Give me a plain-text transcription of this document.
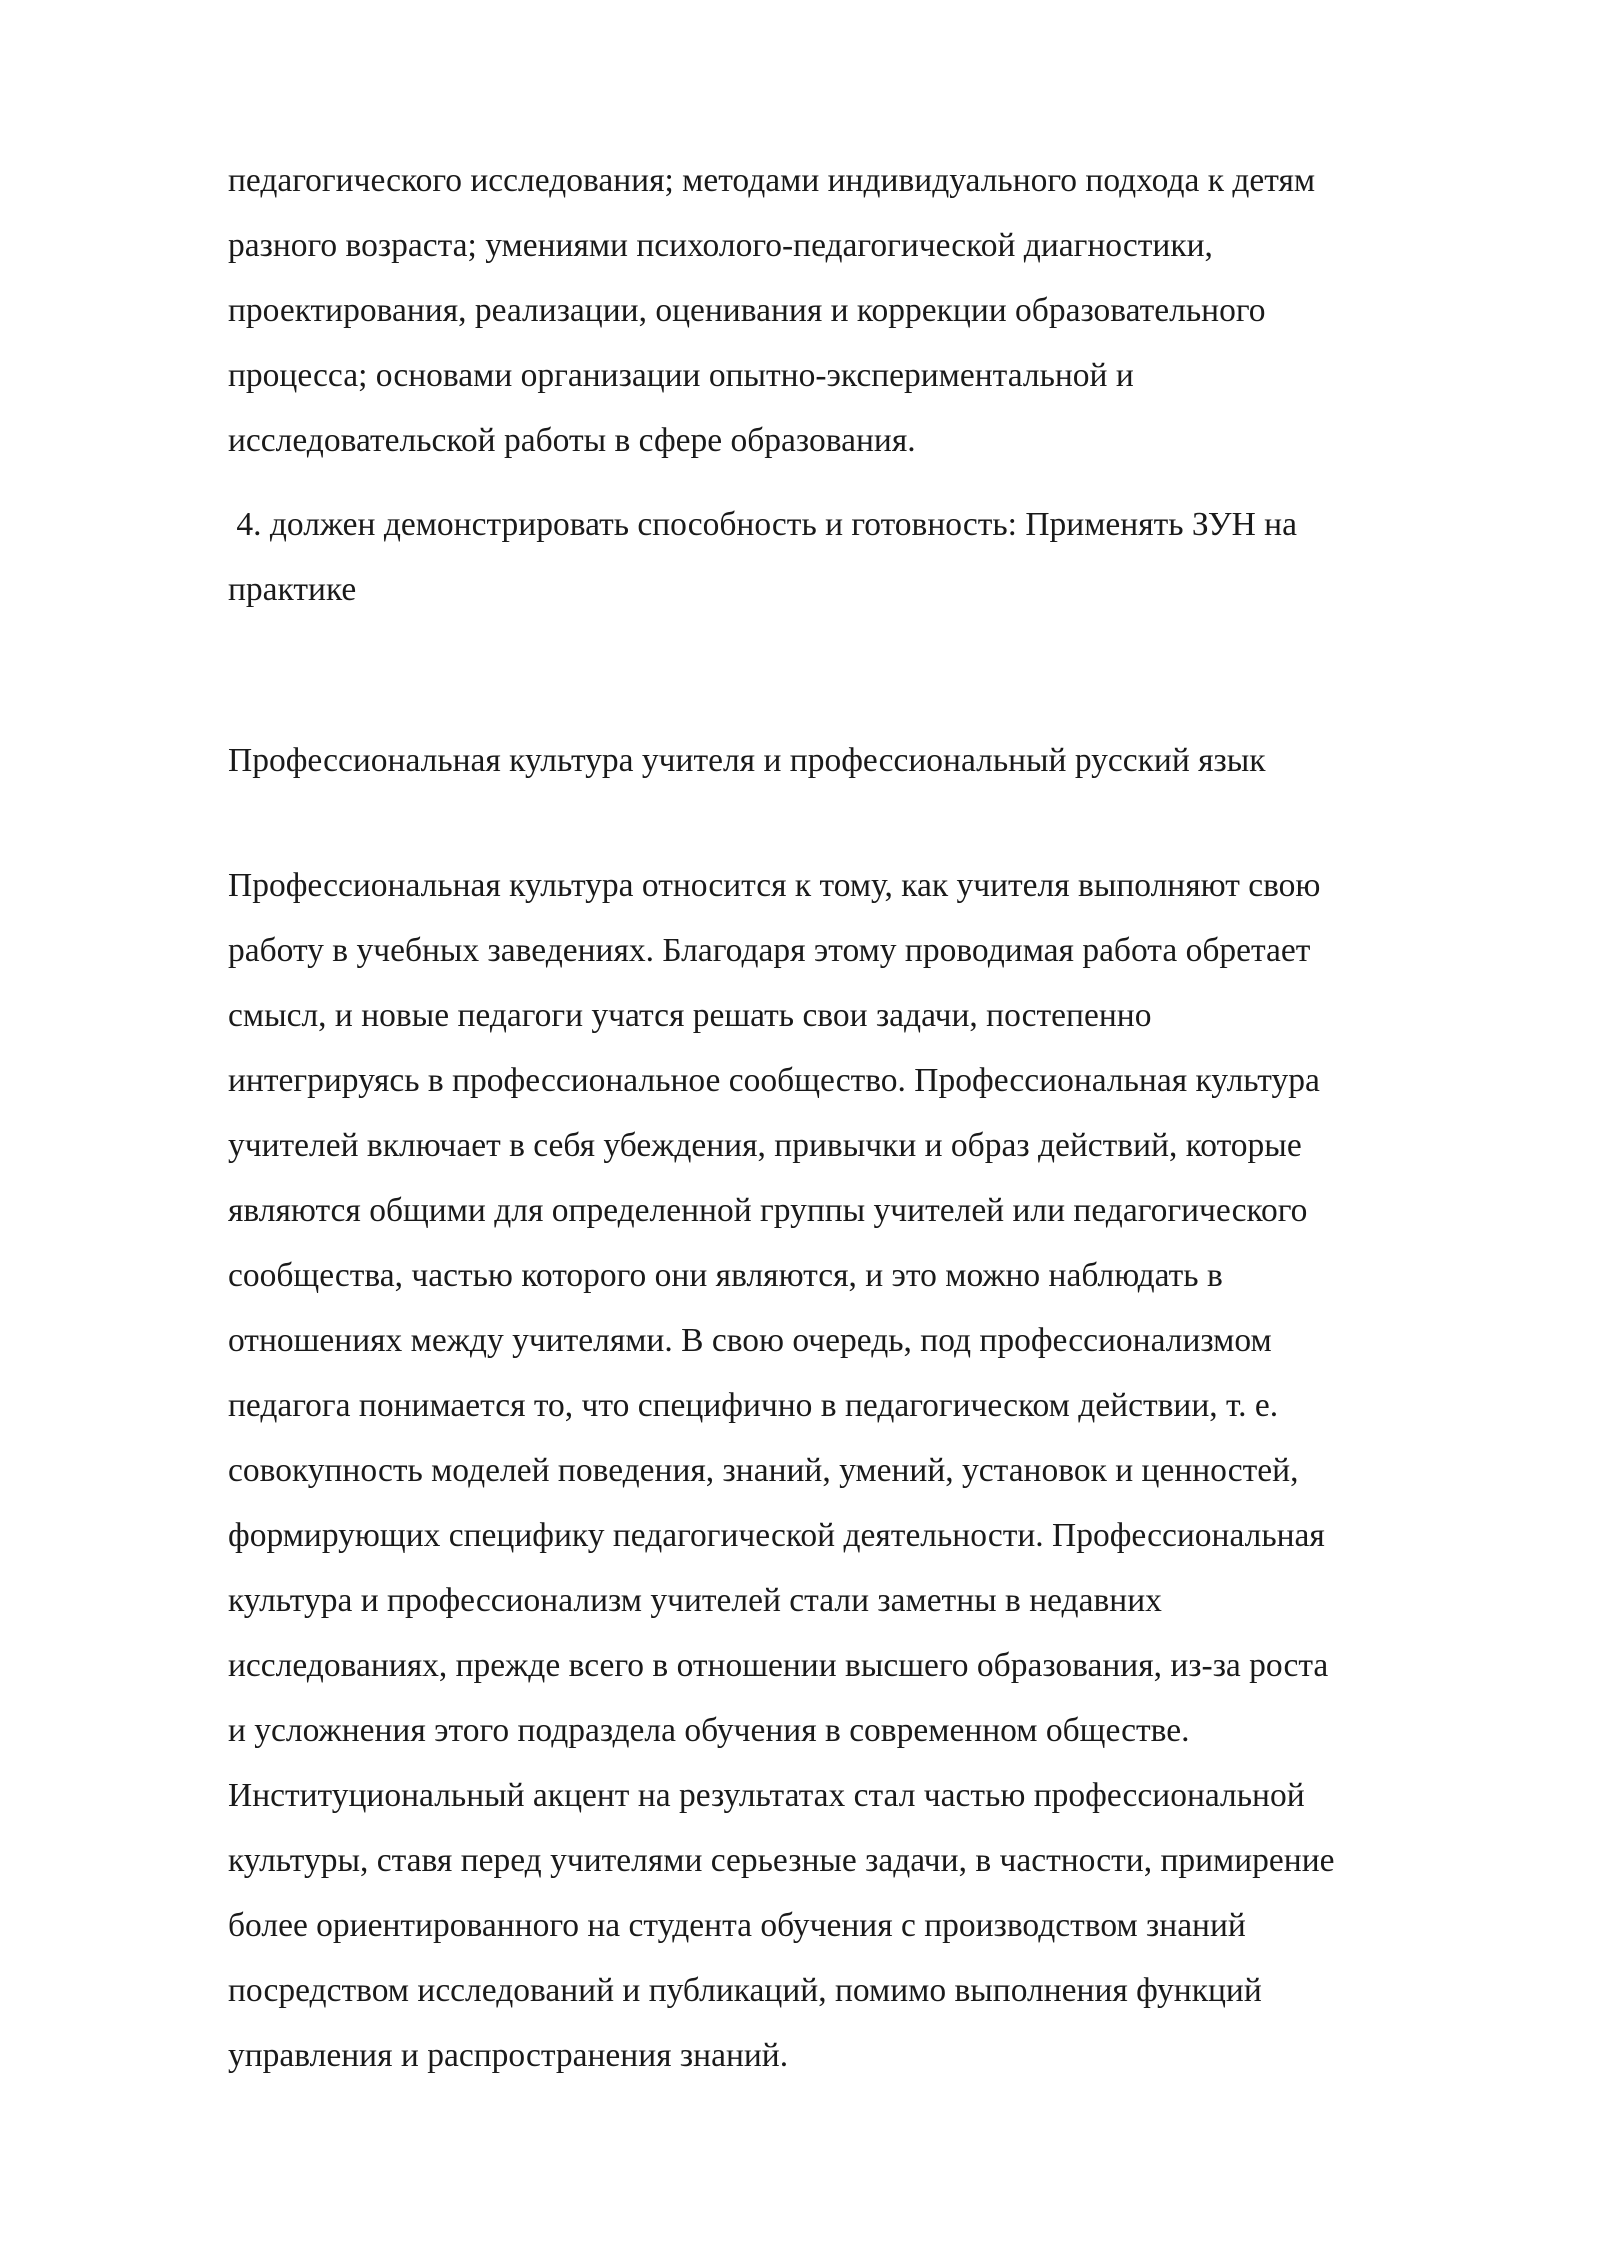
педагогического исследования; методами индивидуального подхода к детям
разного возраста; умениями психолого-педагогической диагностики,
проектирования, реализации, оценивания и коррекции образовательного
процесса; основами организации опытно-экспериментальной и
исследовательской работы в сфере образования.

4. должен демонстрировать способность и готовность: Применять ЗУН на
практике

Профессиональная культура учителя и профессиональный русский язык

Профессиональная культура относится к тому, как учителя выполняют свою
работу в учебных заведениях. Благодаря этому проводимая работа обретает
смысл, и новые педагоги учатся решать свои задачи, постепенно
интегрируясь в профессиональное сообщество. Профессиональная культура
учителей включает в себя убеждения, привычки и образ действий, которые
являются общими для определенной группы учителей или педагогического
сообщества, частью которого они являются, и это можно наблюдать в
отношениях между учителями. В свою очередь, под профессионализмом
педагога понимается то, что специфично в педагогическом действии, т. е.
совокупность моделей поведения, знаний, умений, установок и ценностей,
формирующих специфику педагогической деятельности. Профессиональная
культура и профессионализм учителей стали заметны в недавних
исследованиях, прежде всего в отношении высшего образования, из-за роста
и усложнения этого подраздела обучения в современном обществе.
Институциональный акцент на результатах стал частью профессиональной
культуры, ставя перед учителями серьезные задачи, в частности, примирение
более ориентированного на студента обучения с производством знаний
посредством исследований и публикаций, помимо выполнения функций
управления и распространения знаний.
